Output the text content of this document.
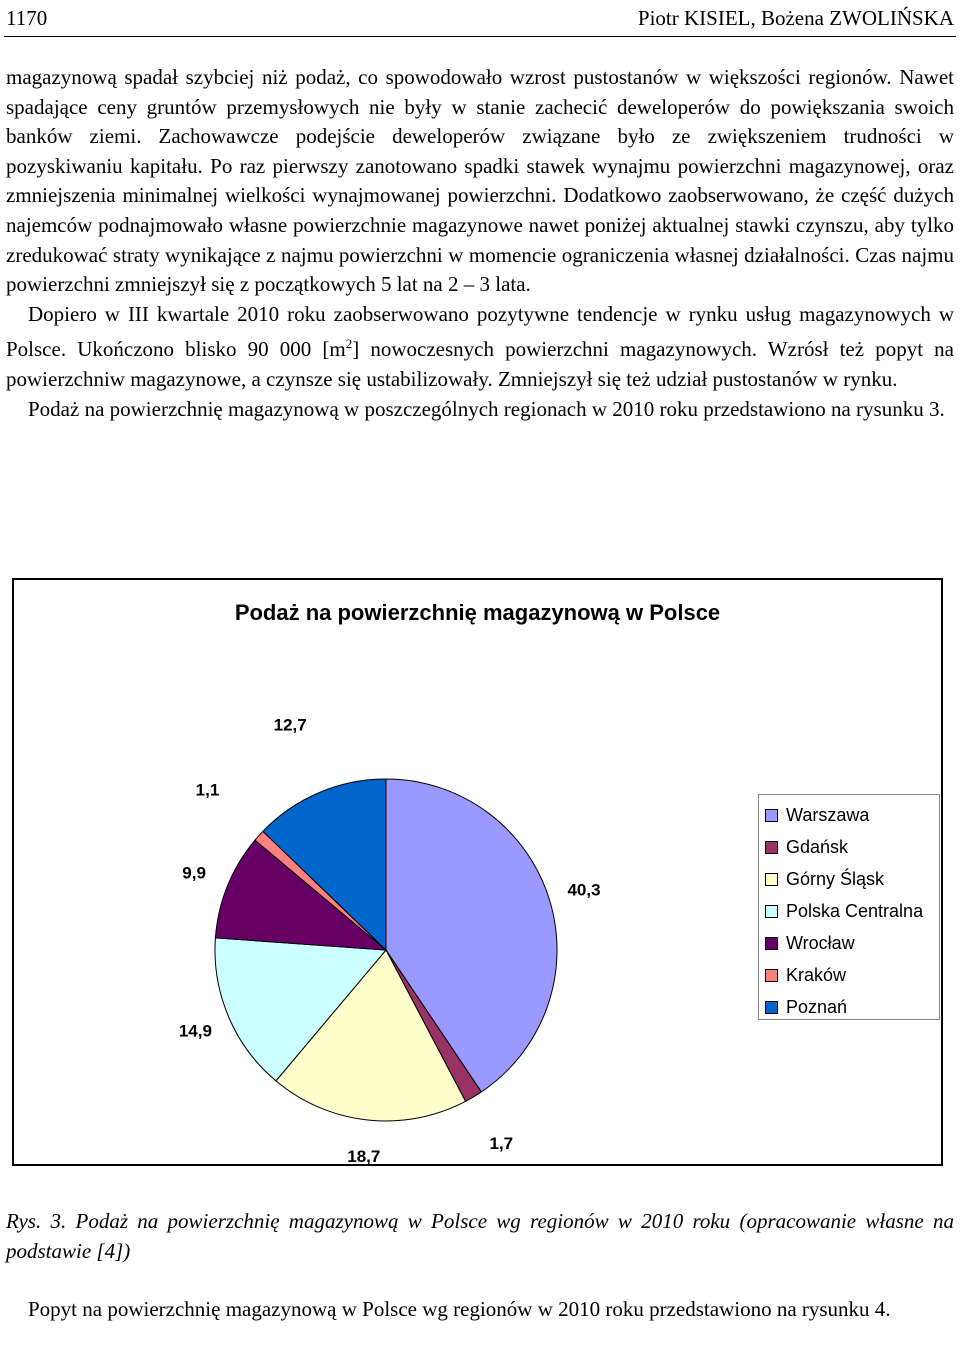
1170	Piotr KISIEL, Bożena ZWOLIŃSKA

magazynową spadał szybciej niż podaż, co spowodowało wzrost pustostanów w większości regionów. Nawet spadające ceny gruntów przemysłowych nie były w stanie zachecić deweloperów do powiększania swoich banków ziemi. Zachowawcze podejście deweloperów związane było ze zwiększeniem trudności w pozyskiwaniu kapitału. Po raz pierwszy zanotowano spadki stawek wynajmu powierzchni magazynowej, oraz zmniejszenia minimalnej wielkości wynajmowanej powierzchni. Dodatkowo zaobserwowano, że część dużych najemców podnajmowało własne powierzchnie magazynowe nawet poniżej aktualnej stawki czynszu, aby tylko zredukować straty wynikające z najmu powierzchni w momencie ograniczenia własnej działalności. Czas najmu powierzchni zmniejszył się z początkowych 5 lat na 2 – 3 lata.

Dopiero w III kwartale 2010 roku zaobserwowano pozytywne tendencje w rynku usług magazynowych w Polsce. Ukończono blisko 90 000 $[m^2]$ nowoczesnych powierzchni magazynowych. Wzrósł też popyt na powierzchniw magazynowe, a czynsze się ustabilizowały. Zmniejszył się też udział pustostanów w rynku.

Podaż na powierzchnię magazynową w poszczególnych regionach w 2010 roku przedstawiono na rysunku 3.

Podaż na powierzchnię magazynową w Polsce
40,3
1,7
18,7
14,9
9,9
1,1
12,7
Warszawa
Gdańsk
Górny Śląsk
Polska Centralna
Wrocław
Kraków
Poznań

Rys. 3. Podaż na powierzchnię magazynową w Polsce wg regionów w 2010 roku (opracowanie własne na podstawie [4])

Popyt na powierzchnię magazynową w Polsce wg regionów w 2010 roku przedstawiono na rysunku 4.
